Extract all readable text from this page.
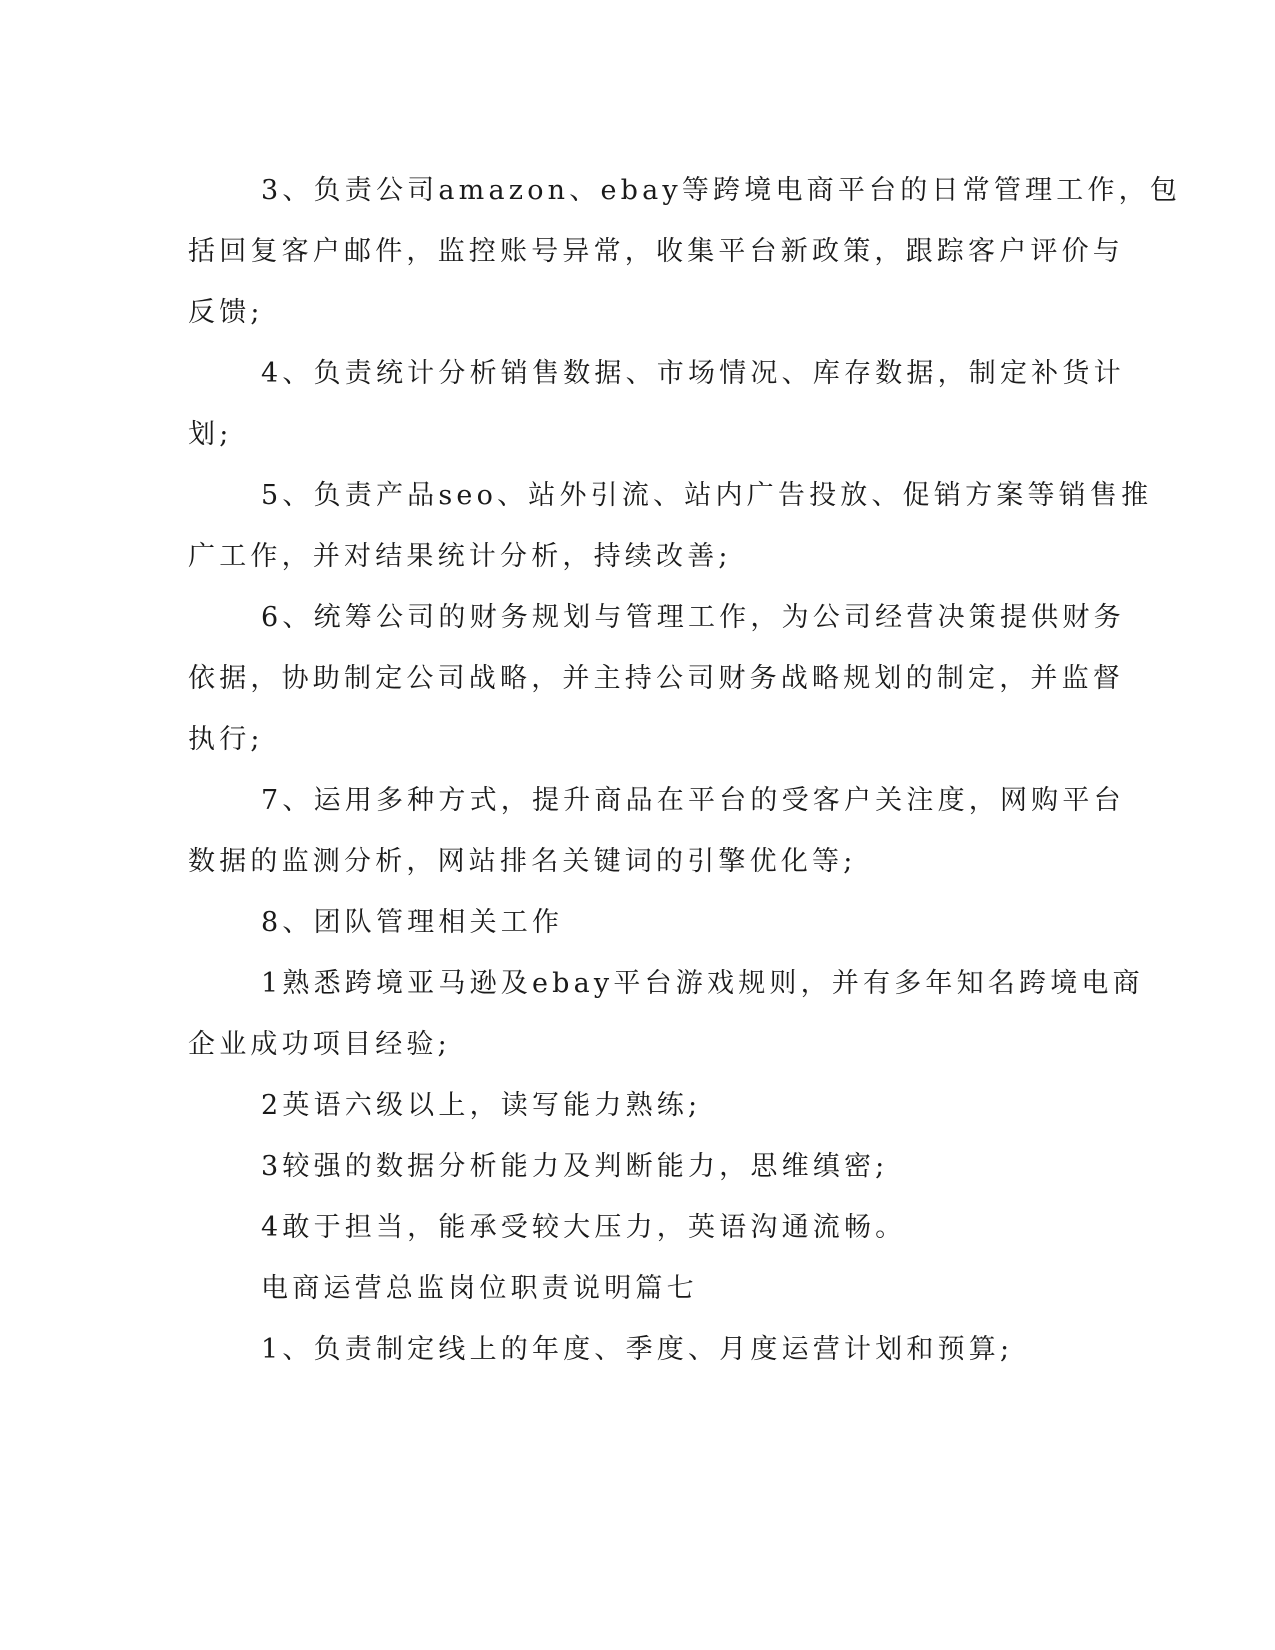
3、负责公司amazon、ebay等跨境电商平台的日常管理工作，包
括回复客户邮件，监控账号异常，收集平台新政策，跟踪客户评价与
反馈;
4、负责统计分析销售数据、市场情况、库存数据，制定补货计
划;
5、负责产品seo、站外引流、站内广告投放、促销方案等销售推
广工作，并对结果统计分析，持续改善;
6、统筹公司的财务规划与管理工作，为公司经营决策提供财务
依据，协助制定公司战略，并主持公司财务战略规划的制定，并监督
执行;
7、运用多种方式，提升商品在平台的受客户关注度，网购平台
数据的监测分析，网站排名关键词的引擎优化等;
8、团队管理相关工作
1熟悉跨境亚马逊及ebay平台游戏规则，并有多年知名跨境电商
企业成功项目经验;
2英语六级以上，读写能力熟练;
3较强的数据分析能力及判断能力，思维缜密;
4敢于担当，能承受较大压力，英语沟通流畅。
电商运营总监岗位职责说明篇七
1、负责制定线上的年度、季度、月度运营计划和预算;
